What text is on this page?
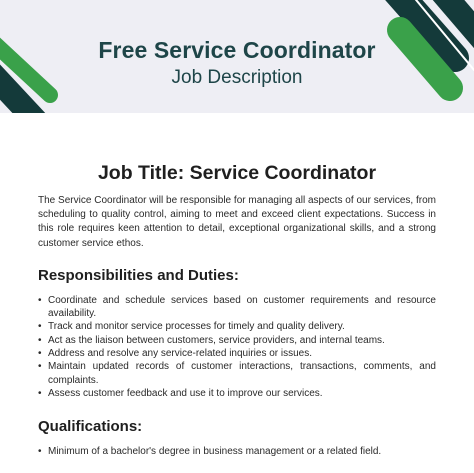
Free Service Coordinator
Job Description
Job Title: Service Coordinator

The Service Coordinator will be responsible for managing all aspects of our services, from scheduling to quality control, aiming to meet and exceed client expectations. Success in this role requires keen attention to detail, exceptional organizational skills, and a strong customer service ethos.

Responsibilities and Duties:
• Coordinate and schedule services based on customer requirements and resource availability.
• Track and monitor service processes for timely and quality delivery.
• Act as the liaison between customers, service providers, and internal teams.
• Address and resolve any service-related inquiries or issues.
• Maintain updated records of customer interactions, transactions, comments, and complaints.
• Assess customer feedback and use it to improve our services.
Qualifications:
• Minimum of a bachelor's degree in business management or a related field.
